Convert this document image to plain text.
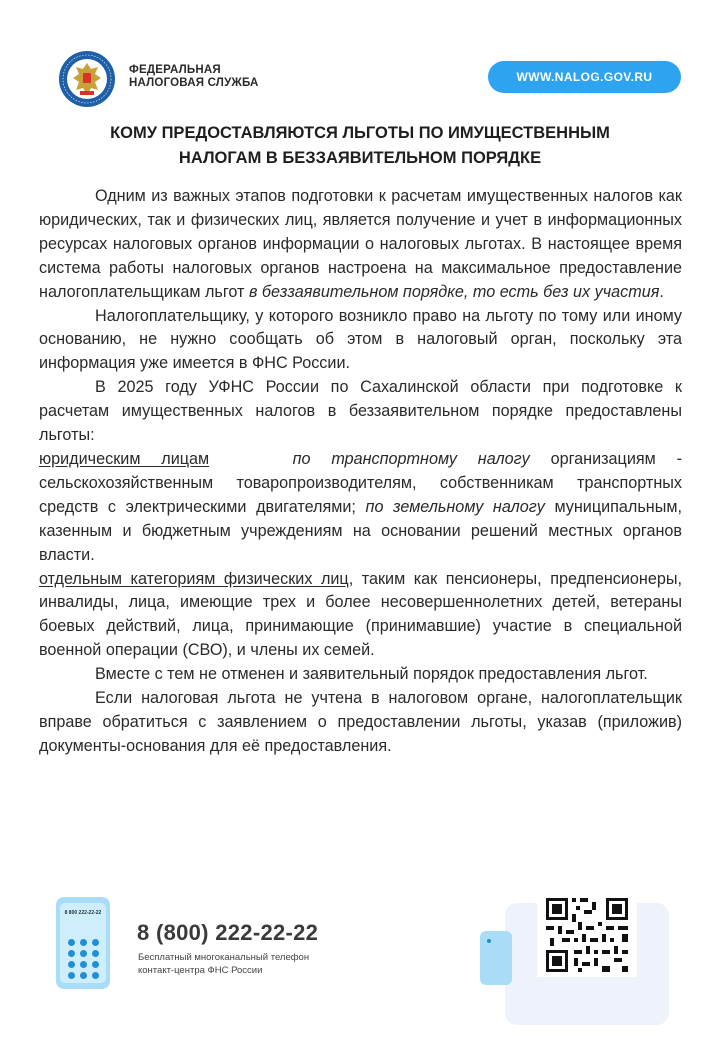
ФЕДЕРАЛЬНАЯ
НАЛОГОВАЯ СЛУЖБА	WWW.NALOG.GOV.RU
КОМУ ПРЕДОСТАВЛЯЮТСЯ ЛЬГОТЫ ПО ИМУЩЕСТВЕННЫМ
НАЛОГАМ В БЕЗЗАЯВИТЕЛЬНОМ ПОРЯДКЕ

Одним из важных этапов подготовки к расчетам имущественных налогов как юридических, так и физических лиц, является получение и учет в информационных ресурсах налоговых органов информации о налоговых льготах. В настоящее время система работы налоговых органов настроена на максимальное предоставление налогоплательщикам льгот в беззаявительном порядке, то есть без их участия.

Налогоплательщику, у которого возникло право на льготу по тому или иному основанию, не нужно сообщать об этом в налоговый орган, поскольку эта информация уже имеется в ФНС России.

В 2025 году УФНС России по Сахалинской области при подготовке к расчетам имущественных налогов в беззаявительном порядке предоставлены льготы:

юридическим лицам	по транспортному налогу организациям - сельскохозяйственным товаропроизводителям, собственникам транспортных средств с электрическими двигателями; по земельному налогу муниципальным, казенным и бюджетным учреждениям на основании решений местных органов власти.

отдельным категориям физических лиц, таким как пенсионеры, предпенсионеры, инвалиды, лица, имеющие трех и более несовершеннолетних детей, ветераны боевых действий, лица, принимающие (принимавшие) участие в специальной военной операции (СВО), и члены их семей.

Вместе с тем не отменен и заявительный порядок предоставления льгот.

Если налоговая льгота не учтена в налоговом органе, налогоплательщик вправе обратиться с заявлением о предоставлении льготы, указав (приложив) документы-основания для её предоставления.

8 800 222-22-22
8 (800) 222-22-22
Бесплатный многоканальный телефон
контакт-центра ФНС России
